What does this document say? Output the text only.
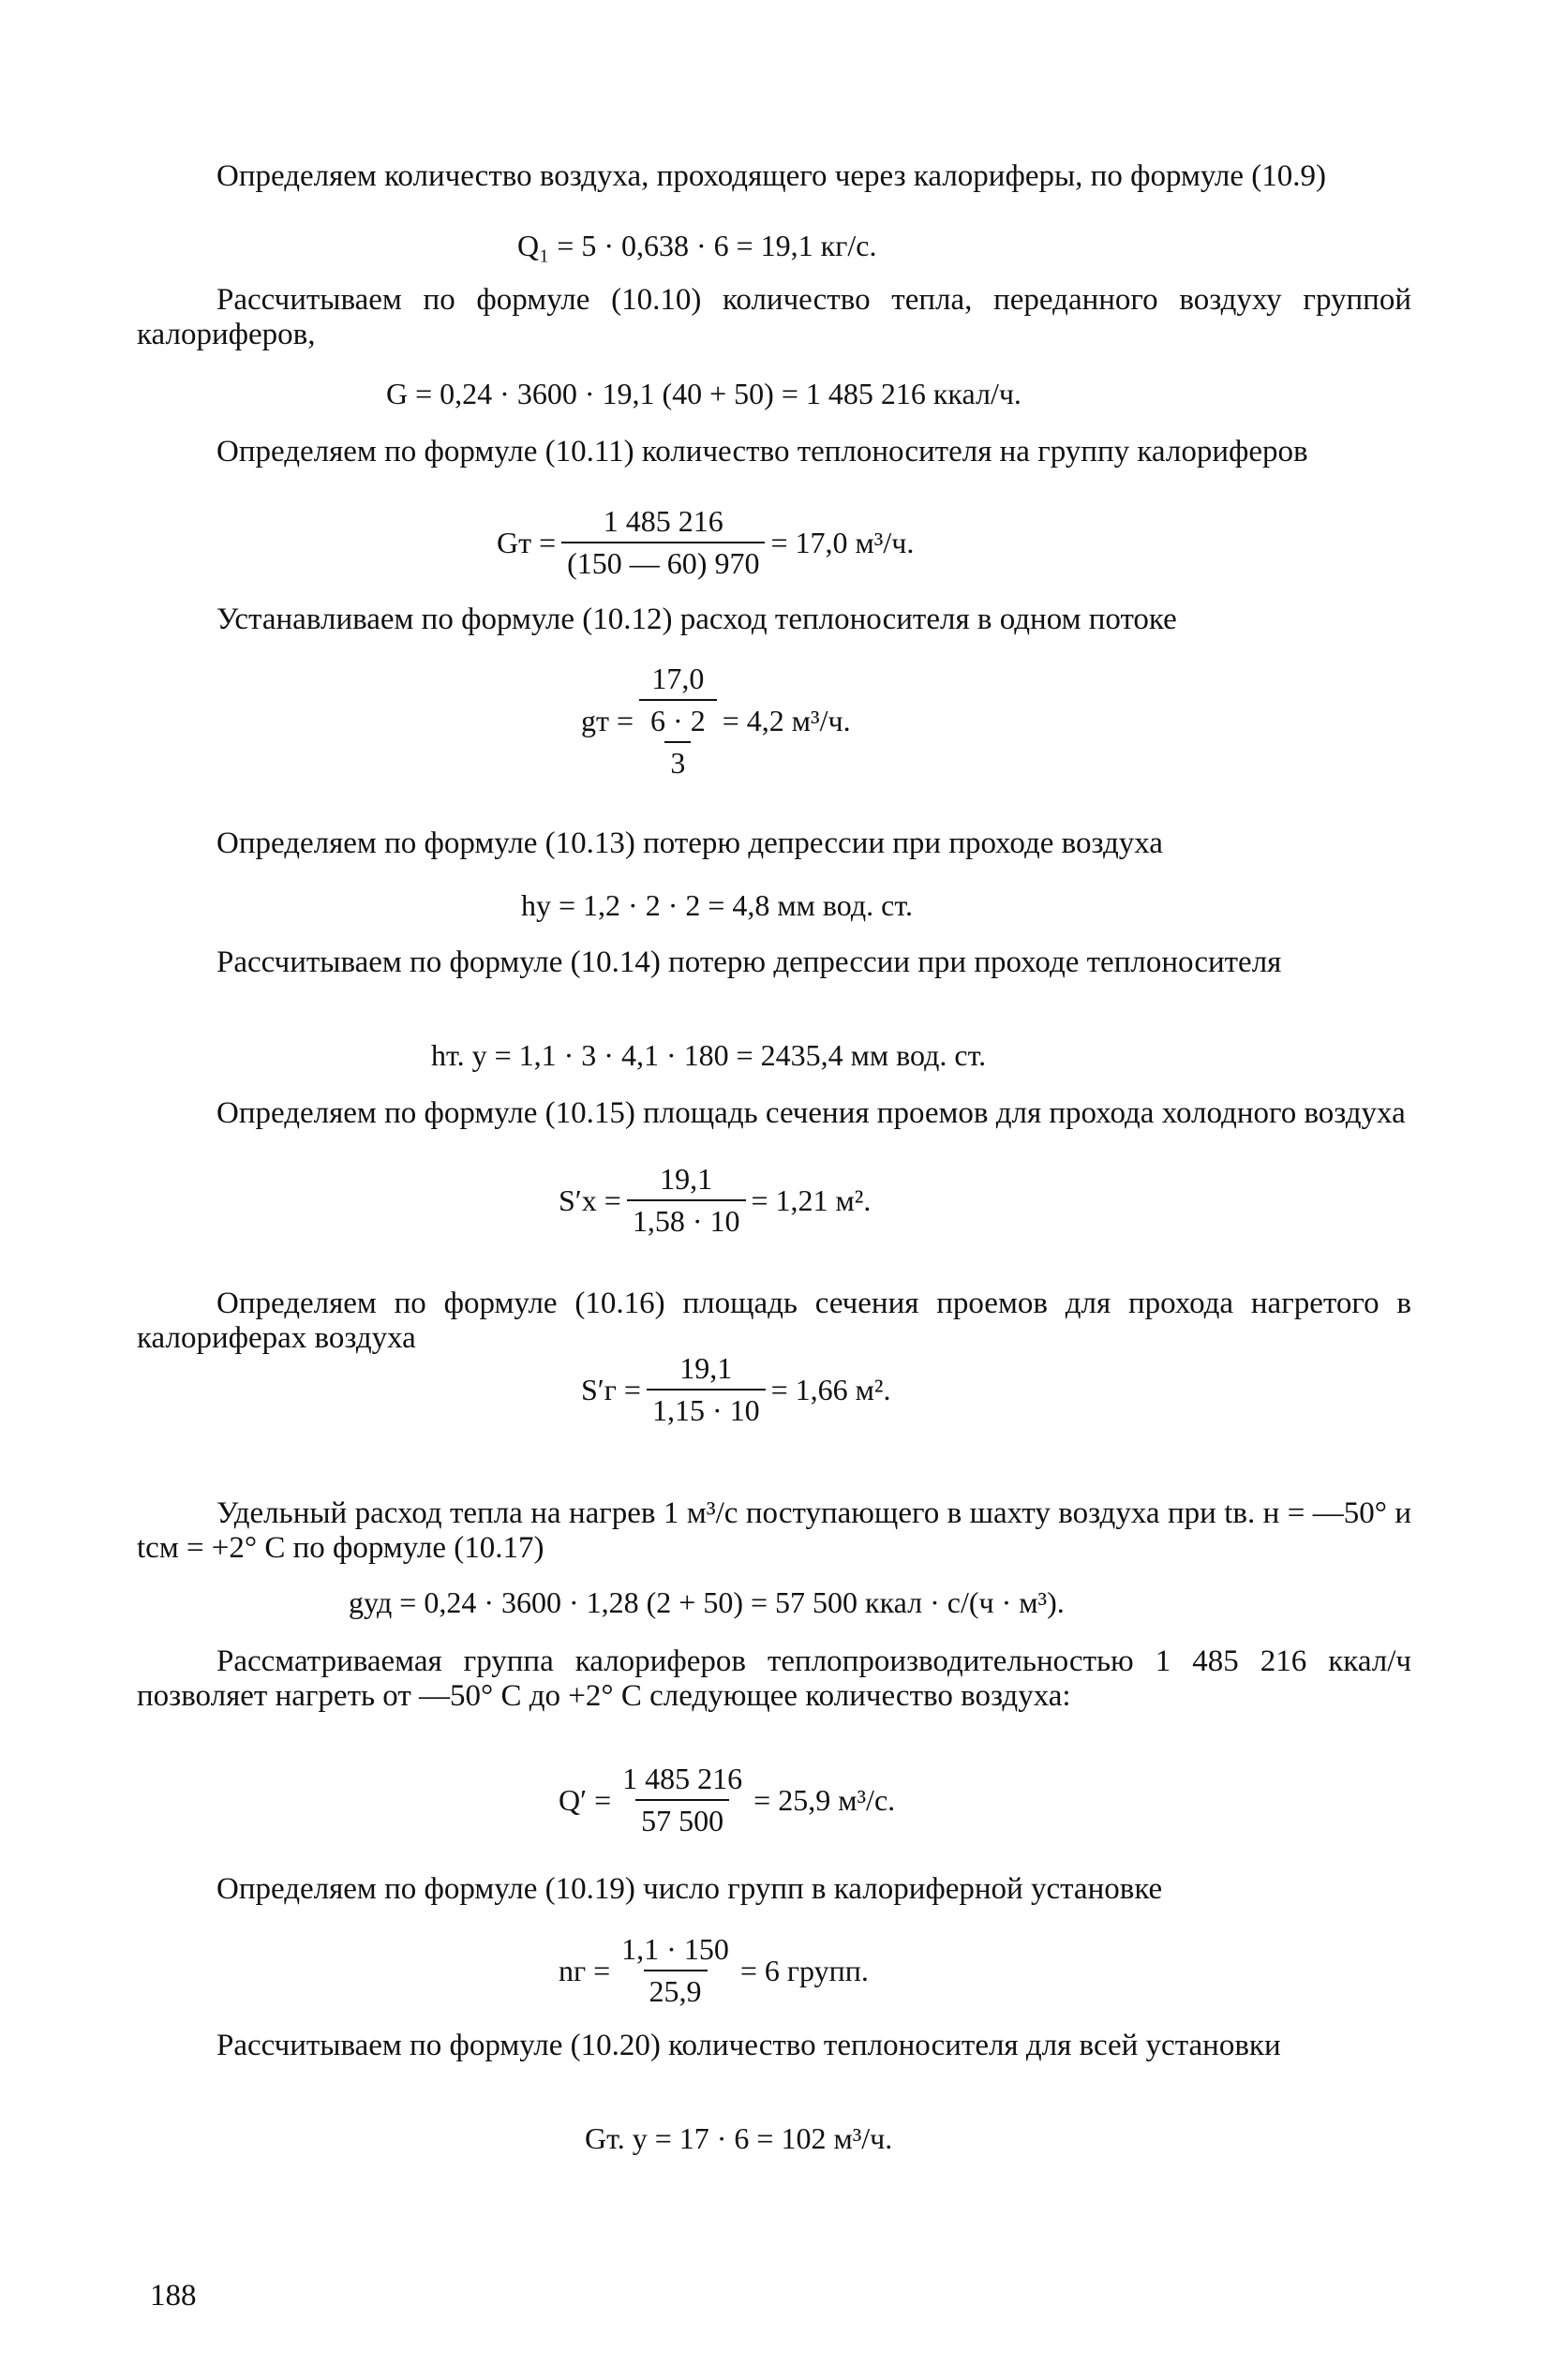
Определяем количество воздуха, проходящего через калориферы, по формуле (10.9)
Q₁ = 5 · 0,638 · 6 = 19,1 кг/с.
Рассчитываем по формуле (10.10) количество тепла, переданного воздуху группой калориферов,
G = 0,24 · 3600 · 19,1 (40 + 50) = 1 485 216 ккал/ч.
Определяем по формуле (10.11) количество теплоносителя на группу калориферов
Gт = $\frac{1 485 216}{(150 — 60) 970} = 17,0$ м³/ч.
Устанавливаем по формуле (10.12) расход теплоносителя в одном потоке
gт = $\frac{17,0}{\frac{6 \cdot 2}{3}} = 4,2$ м³/ч.
Определяем по формуле (10.13) потерю депрессии при проходе воздуха
hу = 1,2 · 2 · 2 = 4,8 мм вод. ст.
Рассчитываем по формуле (10.14) потерю депрессии при проходе теплоносителя
hт. у = 1,1 · 3 · 4,1 · 180 = 2435,4 мм вод. ст.
Определяем по формуле (10.15) площадь сечения проемов для прохода холодного воздуха
$S'х = \frac{19,1}{1,58 \cdot 10} = 1,21$ м².
Определяем по формуле (10.16) площадь сечения проемов для прохода нагретого в калориферах воздуха
$S'г = \frac{19,1}{1,15 \cdot 10} = 1,66$ м².
Удельный расход тепла на нагрев 1 м³/с поступающего в шахту воздуха при tв. н = —50° и tсм = +2° С по формуле (10.17)
gуд = 0,24 · 3600 · 1,28 (2 + 50) = 57 500 ккал · с/(ч · м³).
Рассматриваемая группа калориферов теплопроизводительностью 1 485 216 ккал/ч позволяет нагреть от —50° С до +2° С следующее количество воздуха:
$Q' = \frac{1 485 216}{57 500} = 25,9$ м³/с.
Определяем по формуле (10.19) число групп в калориферной установке
nг = $\frac{1,1 \cdot 150}{25,9} = 6$ групп.
Рассчитываем по формуле (10.20) количество теплоносителя для всей установки
Gт. у = 17 · 6 = 102 м³/ч.
188
